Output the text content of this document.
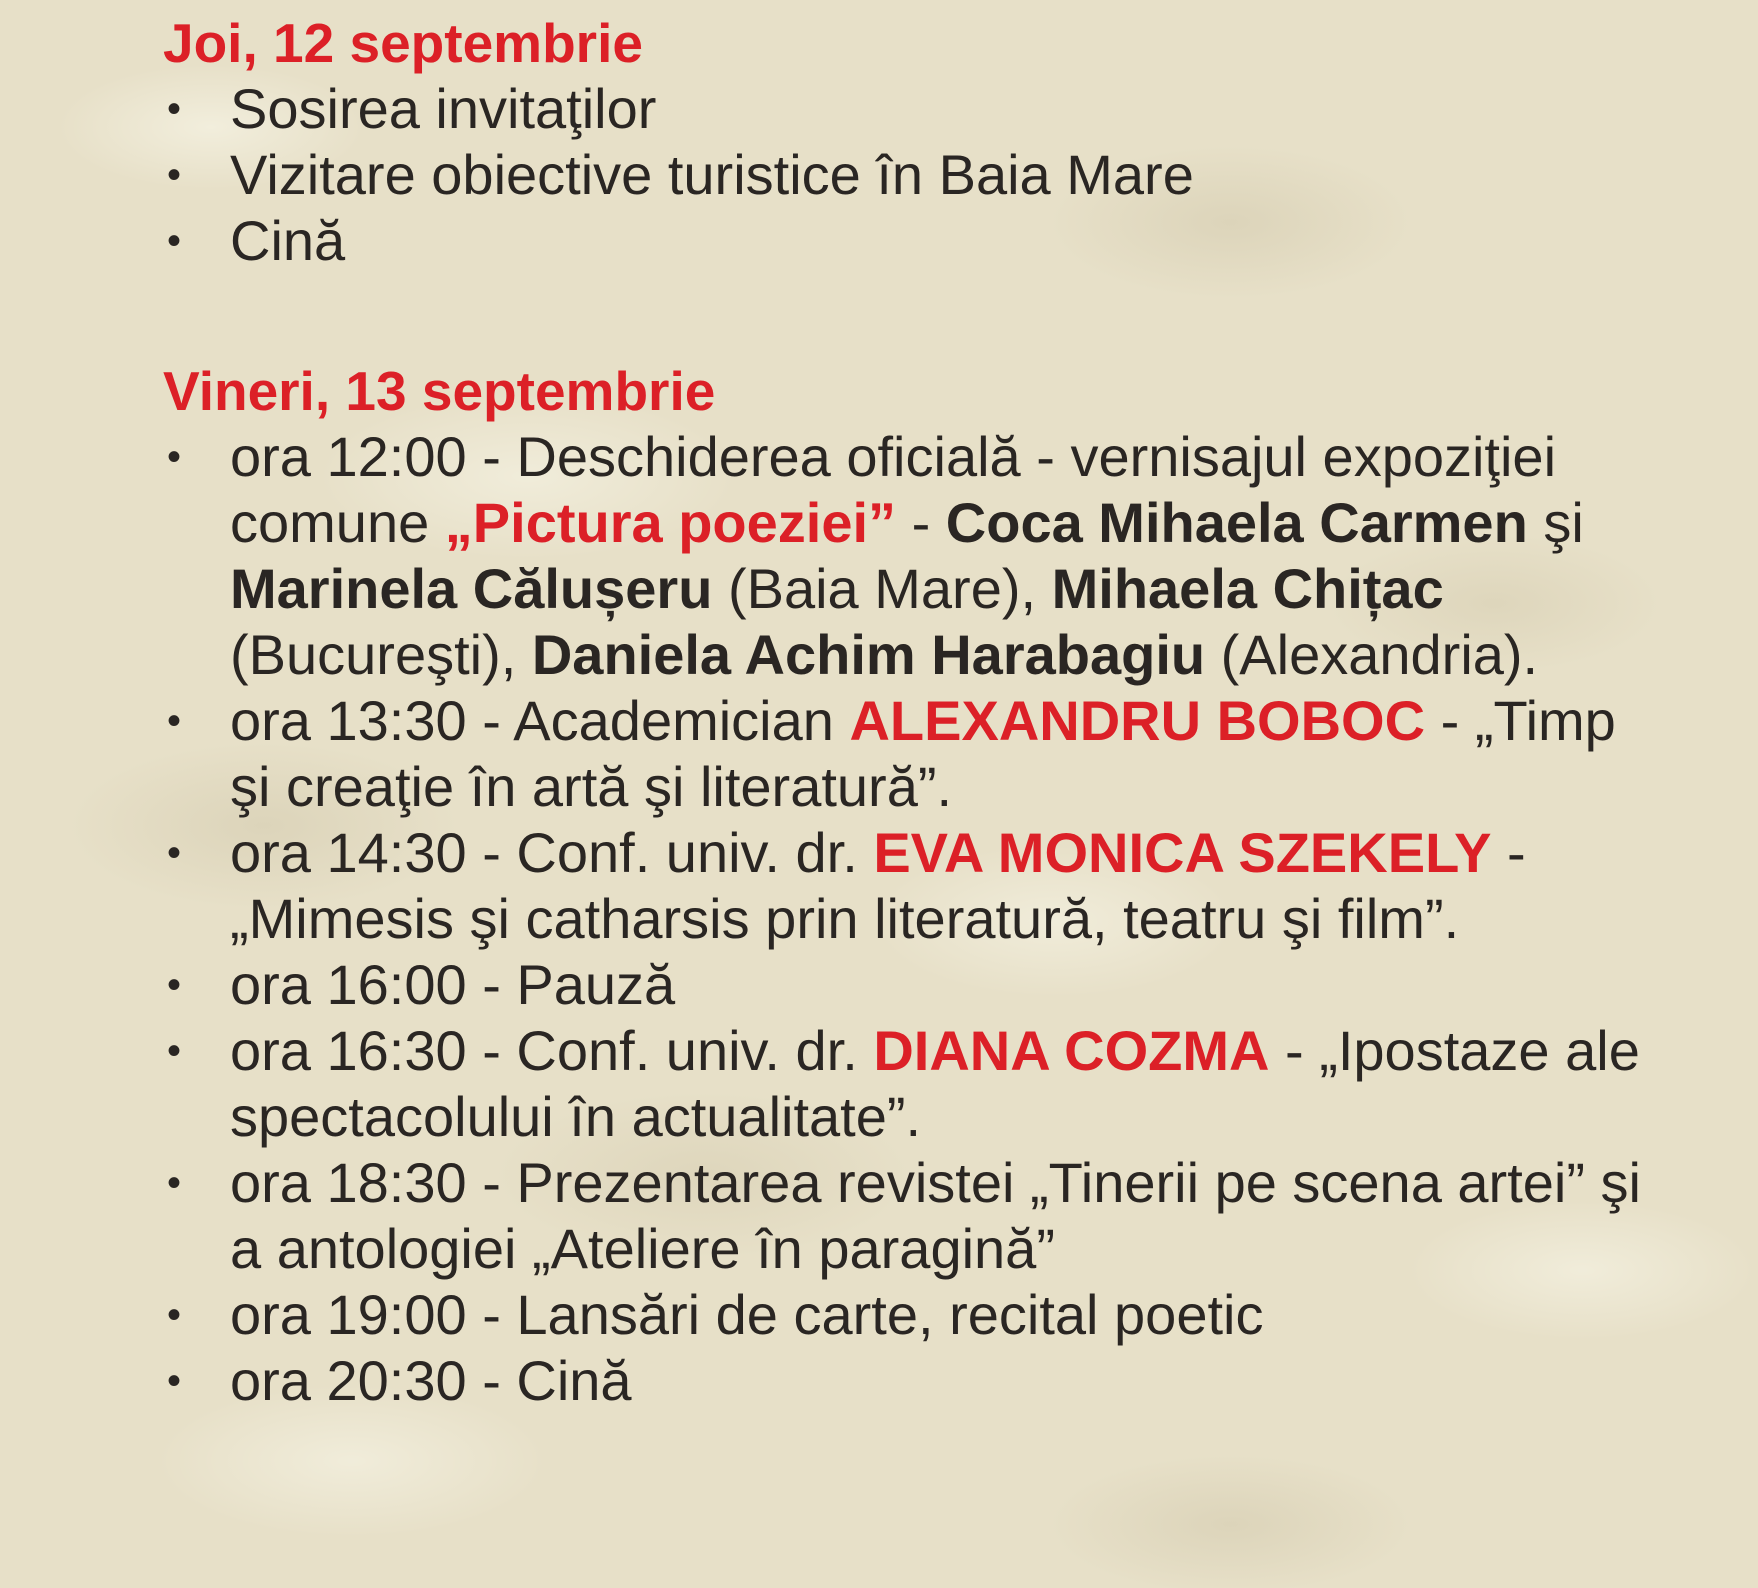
Joi, 12 septembrie
• Sosirea invitaţilor
• Vizitare obiective turistice în Baia Mare
• Cină
Vineri, 13 septembrie
• ora 12:00 - Deschiderea oficială - vernisajul expoziţiei comune „Pictura poeziei” - Coca Mihaela Carmen şi Marinela Călușeru (Baia Mare), Mihaela Chițac (Bucureşti), Daniela Achim Harabagiu (Alexandria).
• ora 13:30 - Academician ALEXANDRU BOBOC - „Timp şi creaţie în artă şi literatură”.
• ora 14:30 - Conf. univ. dr. EVA MONICA SZEKELY - „Mimesis şi catharsis prin literatură, teatru şi film”.
• ora 16:00 - Pauză
• ora 16:30 - Conf. univ. dr. DIANA COZMA - „Ipostaze ale spectacolului în actualitate”.
• ora 18:30 - Prezentarea revistei „Tinerii pe scena artei” şi a antologiei „Ateliere în paragină”
• ora 19:00 - Lansări de carte, recital poetic
• ora 20:30 - Cină
